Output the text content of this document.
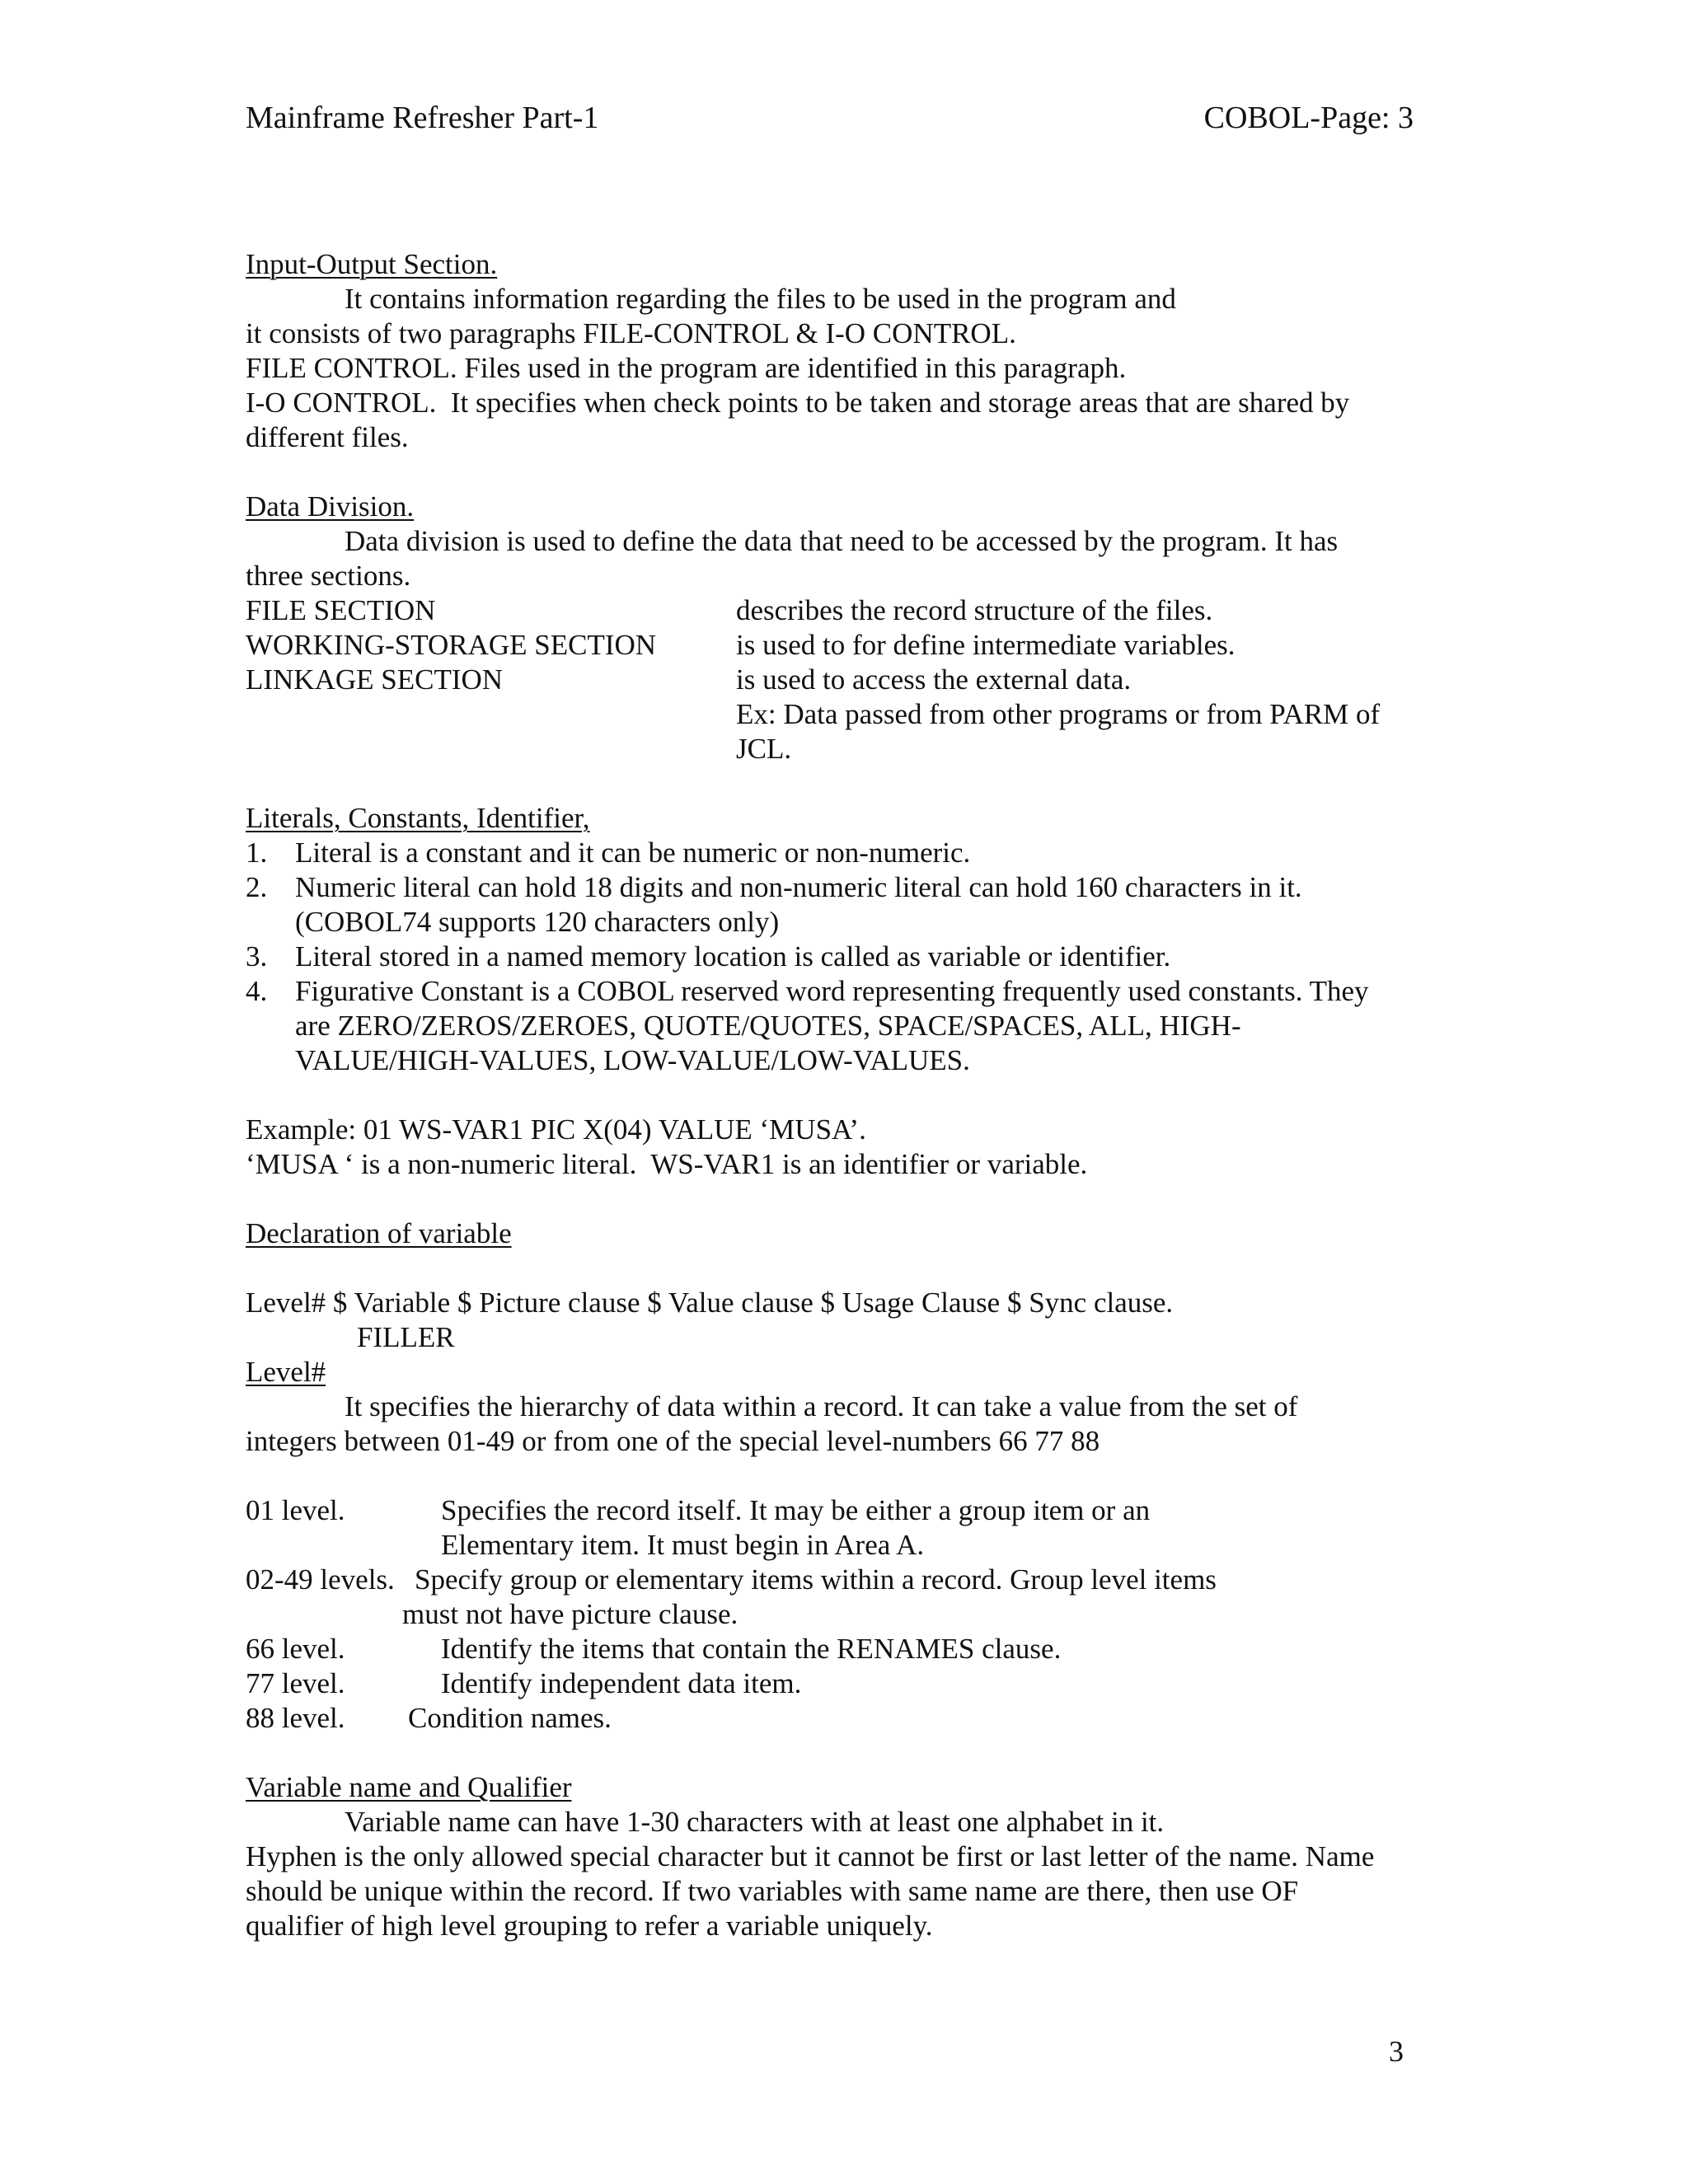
Mainframe Refresher Part-1	COBOL-Page: 3
Input-Output Section.
It contains information regarding the files to be used in the program and
it consists of two paragraphs FILE-CONTROL & I-O CONTROL.
FILE CONTROL. Files used in the program are identified in this paragraph.
I-O CONTROL.  It specifies when check points to be taken and storage areas that are shared by
different files.
Data Division.
Data division is used to define the data that need to be accessed by the program. It has
three sections.
FILE SECTION	describes the record structure of the files.
WORKING-STORAGE SECTION	is used to for define intermediate variables.
LINKAGE SECTION	is used to access the external data.
Ex: Data passed from other programs or from PARM of
JCL.
Literals, Constants, Identifier,
1. Literal is a constant and it can be numeric or non-numeric.
2. Numeric literal can hold 18 digits and non-numeric literal can hold 160 characters in it.
(COBOL74 supports 120 characters only)
3. Literal stored in a named memory location is called as variable or identifier.
4. Figurative Constant is a COBOL reserved word representing frequently used constants. They
are ZERO/ZEROS/ZEROES, QUOTE/QUOTES, SPACE/SPACES, ALL, HIGH-
VALUE/HIGH-VALUES, LOW-VALUE/LOW-VALUES.
Example: 01 WS-VAR1 PIC X(04) VALUE ‘MUSA’.
‘MUSA ‘ is a non-numeric literal.  WS-VAR1 is an identifier or variable.
Declaration of variable
Level# $ Variable $ Picture clause $ Value clause $ Usage Clause $ Sync clause.
FILLER
Level#
It specifies the hierarchy of data within a record. It can take a value from the set of
integers between 01-49 or from one of the special level-numbers 66 77 88
01 level.	Specifies the record itself. It may be either a group item or an
Elementary item. It must begin in Area A.
02-49 levels. Specify group or elementary items within a record. Group level items
must not have picture clause.
66 level.	Identify the items that contain the RENAMES clause.
77 level.	Identify independent data item.
88 level. Condition names.
Variable name and Qualifier
Variable name can have 1-30 characters with at least one alphabet in it.
Hyphen is the only allowed special character but it cannot be first or last letter of the name. Name
should be unique within the record. If two variables with same name are there, then use OF
qualifier of high level grouping to refer a variable uniquely.
3
